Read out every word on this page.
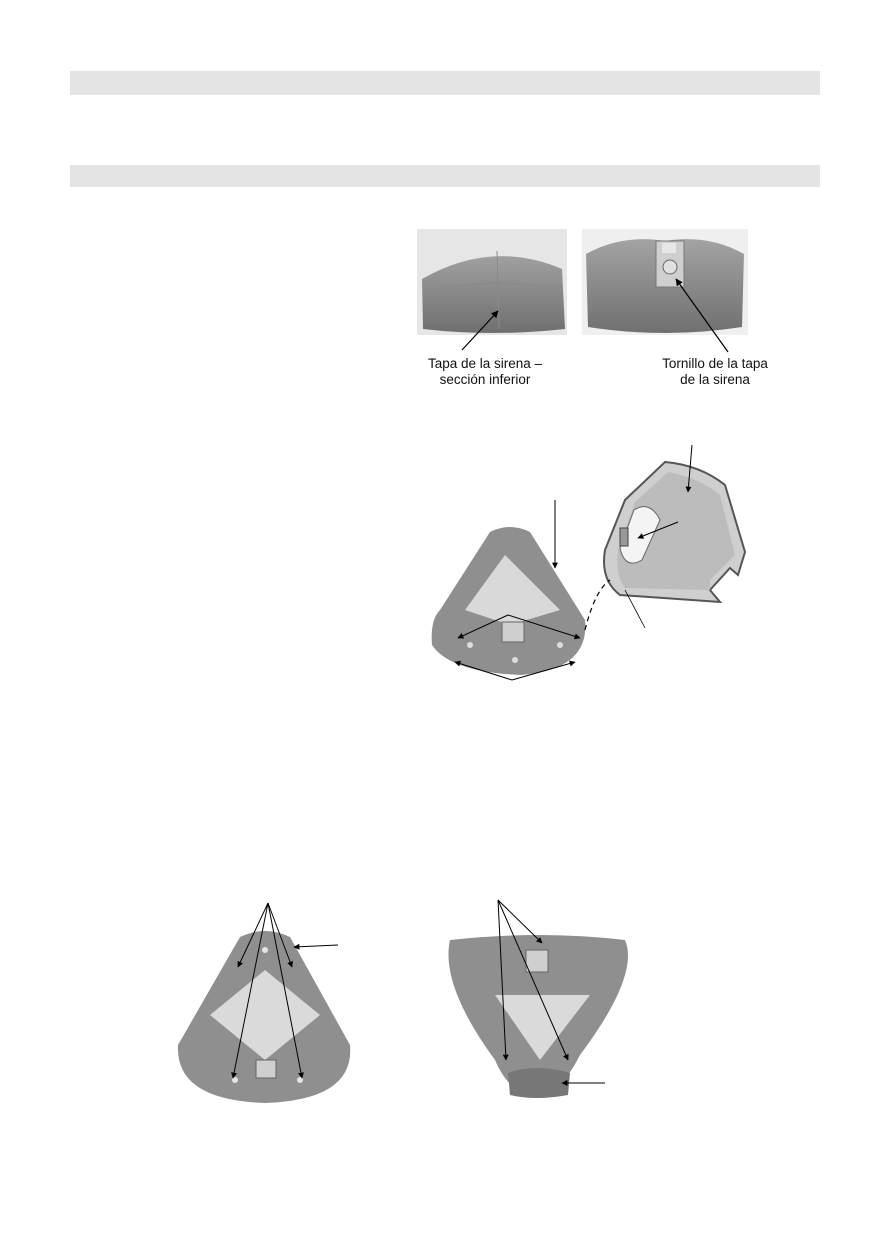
Tapa de la sirena –
sección inferior
Tornillo de la tapa
de la sirena
